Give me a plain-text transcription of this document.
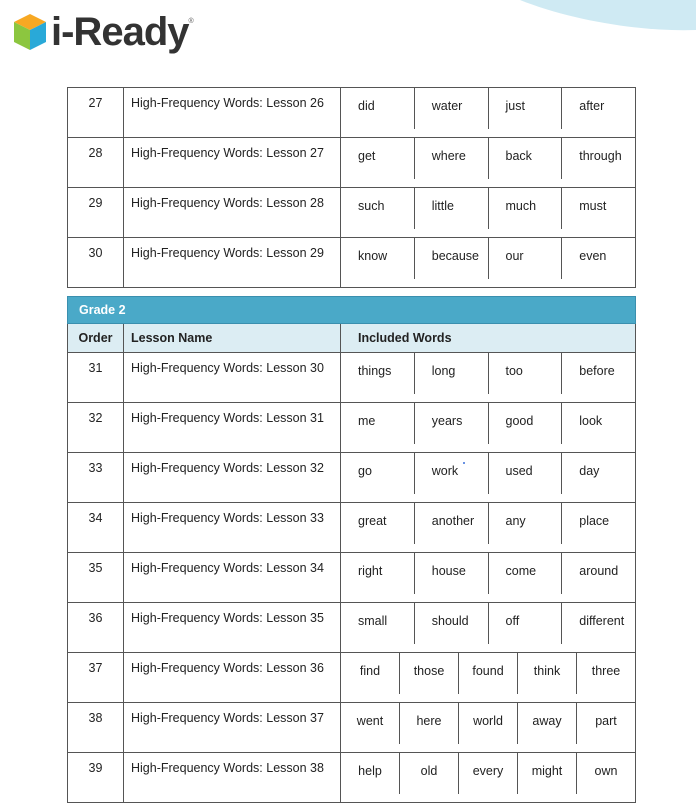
i-Ready ®
27	High-Frequency Words: Lesson 26	did water just after

28	High-Frequency Words: Lesson 27	get where back through

29	High-Frequency Words: Lesson 28	such little much must

30	High-Frequency Words: Lesson 29	know because our even
Grade 2		
Order	Lesson Name	Included Words
31	High-Frequency Words: Lesson 30	things long too before

32	High-Frequency Words: Lesson 31	me years good look

33	High-Frequency Words: Lesson 32	go work used day

34	High-Frequency Words: Lesson 33	great another any place

35	High-Frequency Words: Lesson 34	right house come around

36	High-Frequency Words: Lesson 35	small should off different

37	High-Frequency Words: Lesson 36	find those found think three

38	High-Frequency Words: Lesson 37	went here world away part

39	High-Frequency Words: Lesson 38	help old every might own
